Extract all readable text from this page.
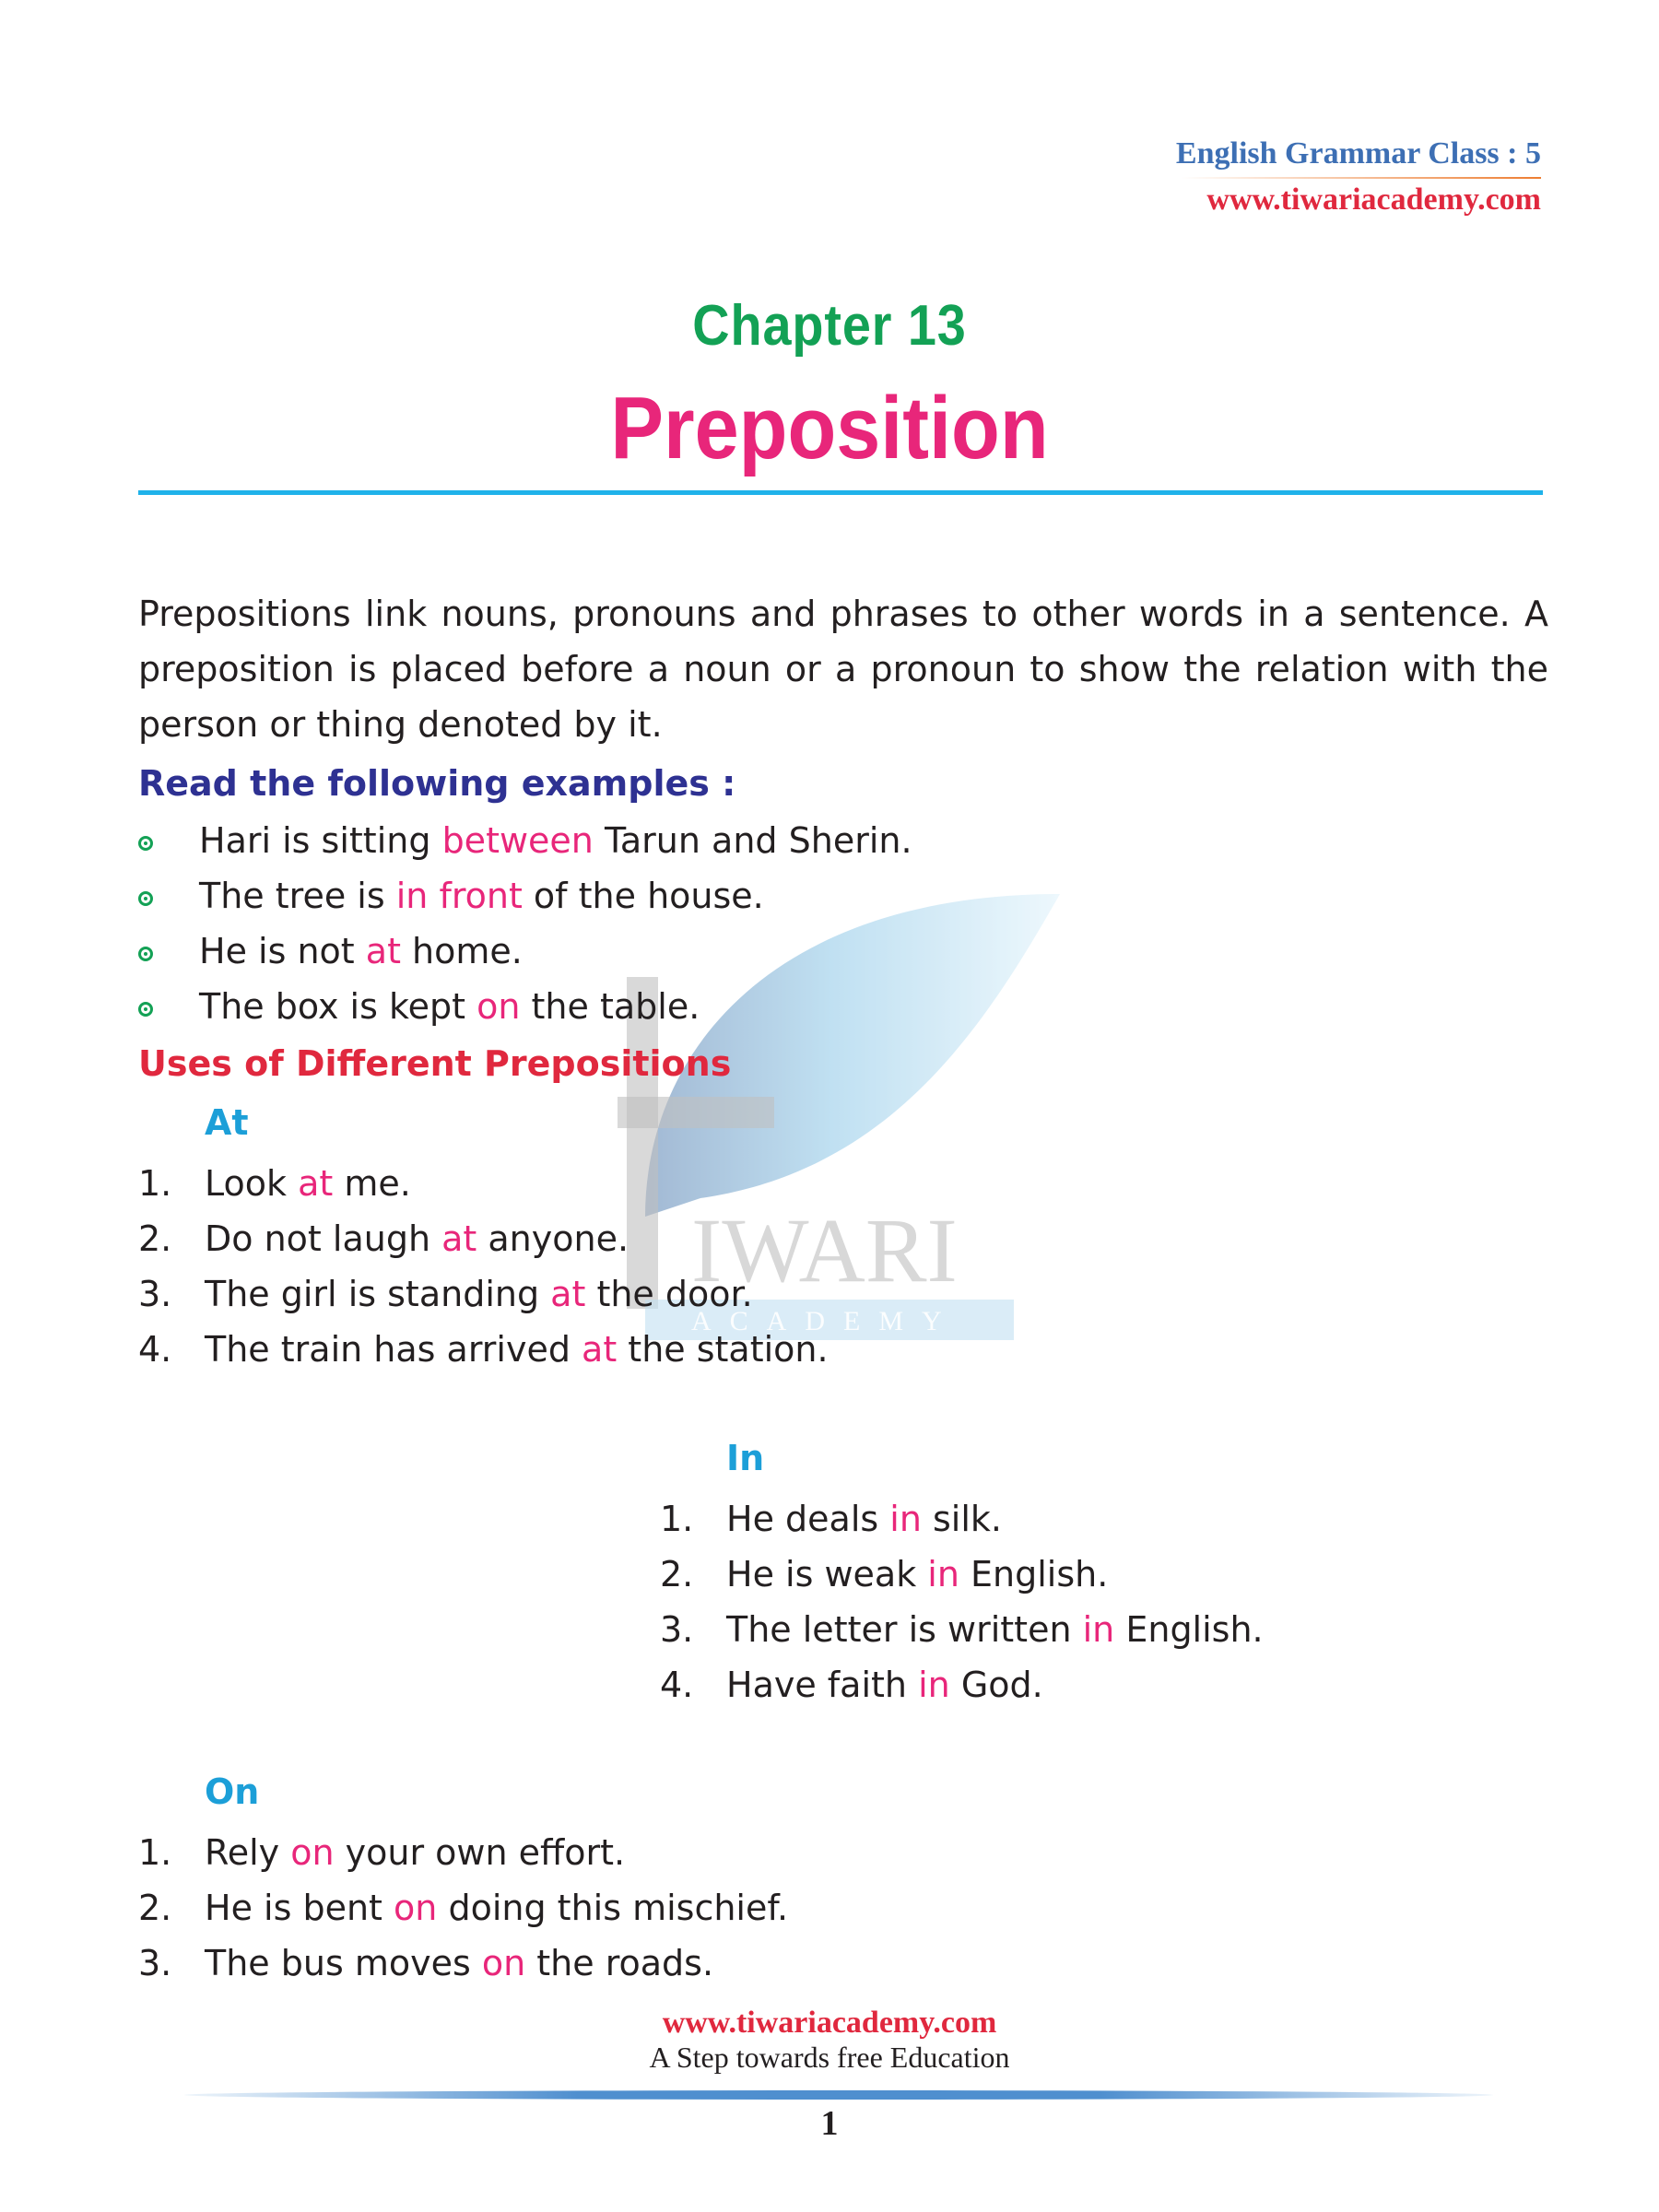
English Grammar Class : 5
www.tiwariacademy.com
IWARI
ACADEMY
Chapter 13
Preposition
Prepositions link nouns, pronouns and phrases to other words in a sentence. A preposition is placed before a noun or a pronoun to show the relation with the person or thing denoted by it.
Read the following examples :
Hari is sitting between Tarun and Sherin.
The tree is in front of the house.
He is not at home.
The box is kept on the table.
Uses of Different Prepositions
At
1. Look at me.
2. Do not laugh at anyone.
3. The girl is standing at the door.
4. The train has arrived at the station.
In
1. He deals in silk.
2. He is weak in English.
3. The letter is written in English.
4. Have faith in God.
On
1. Rely on your own effort.
2. He is bent on doing this mischief.
3. The bus moves on the roads.
www.tiwariacademy.com
A Step towards free Education
1
